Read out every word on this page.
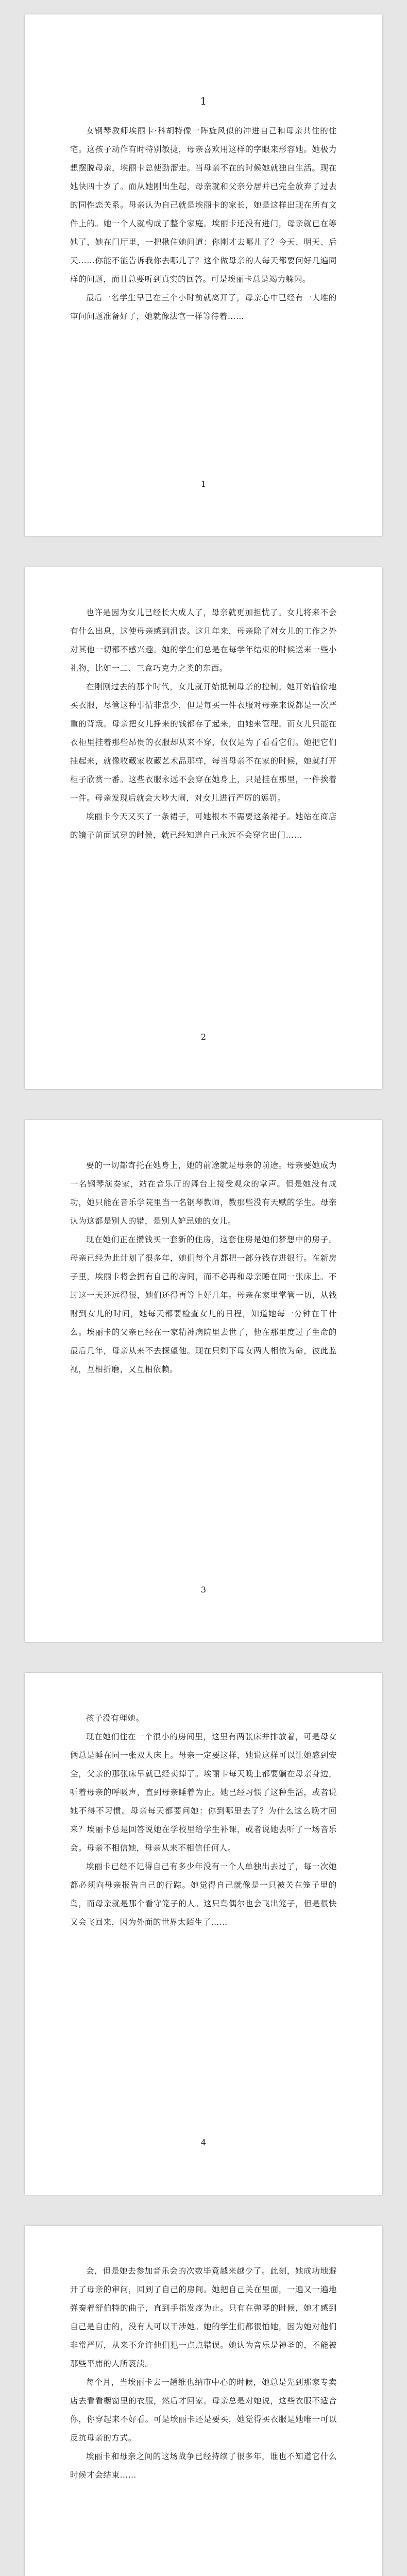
1

女钢琴教师埃丽卡·科胡特像一阵旋风似的冲进自己和母亲共住的住宅。这孩子动作有时特别敏捷，母亲喜欢用这样的字眼来形容她。她极力想摆脱母亲，埃丽卡总使劲溜走。当母亲不在的时候她就独自生活。现在她快四十岁了。而从她刚出生起，母亲就和父亲分居并已完全放弃了过去的同性恋关系。母亲认为自己就是埃丽卡的家长，她是这样出现在所有文件上的。她一个人就构成了整个家庭。埃丽卡还没有进门，母亲就已在等她了，她在门厅里，一把揪住她问道：你刚才去哪儿了？今天、明天、后天……你能不能告诉我你去哪儿了？这个做母亲的人每天都要问好几遍同样的问题，而且总要听到真实的回答。可是埃丽卡总是竭力躲闪。

最后一名学生早已在三个小时前就离开了，母亲心中已经有一大堆的审问问题准备好了，她就像法官一样等待着……

1

也许是因为女儿已经长大成人了，母亲就更加担忧了。女儿将来不会有什么出息，这使母亲感到沮丧。这几年来，母亲除了对女儿的工作之外对其他一切都不感兴趣。她的学生们总是在每学年结束的时候送来一些小礼物，比如一二、三盒巧克力之类的东西。

在刚刚过去的那个时代，女儿就开始抵制母亲的控制。她开始偷偷地买衣服，尽管这种事情非常少，但是每买一件衣服对母亲来说都是一次严重的背叛。母亲把女儿挣来的钱都存了起来，由她来管理。而女儿只能在衣柜里挂着那些昂贵的衣服却从来不穿，仅仅是为了看看它们。她把它们挂起来，就像收藏家收藏艺术品那样，每当母亲不在家的时候，她就打开柜子欣赏一番。这些衣服永远不会穿在她身上，只是挂在那里，一件挨着一件。母亲发现后就会大吵大闹，对女儿进行严厉的惩罚。

埃丽卡今天又买了一条裙子，可她根本不需要这条裙子。她站在商店的镜子前面试穿的时候，就已经知道自己永远不会穿它出门……

2

要的一切都寄托在她身上，她的前途就是母亲的前途。母亲要她成为一名钢琴演奏家，站在音乐厅的舞台上接受观众的掌声。但是她没有成功，她只能在音乐学院里当一名钢琴教师，教那些没有天赋的学生。母亲认为这都是别人的错，是别人妒忌她的女儿。

现在她们正在攒钱买一套新的住房，这套住房是她们梦想中的房子。母亲已经为此计划了很多年，她们每个月都把一部分钱存进银行。在新房子里，埃丽卡将会拥有自己的房间，而不必再和母亲睡在同一张床上。不过这一天还远得很，她们还得再等上好几年。母亲在家里掌管一切，从钱财到女儿的时间，她每天都要检查女儿的日程，知道她每一分钟在干什么。埃丽卡的父亲已经在一家精神病院里去世了，他在那里度过了生命的最后几年，母亲从来不去探望他。现在只剩下母女两人相依为命，彼此监视，互相折磨，又互相依赖。

3

孩子没有理她。

现在她们住在一个很小的房间里，这里有两张床并排放着，可是母女俩总是睡在同一张双人床上。母亲一定要这样，她说这样可以让她感到安全，父亲的那张床早就已经卖掉了。埃丽卡每天晚上都要躺在母亲身边，听着母亲的呼吸声，直到母亲睡着为止。她已经习惯了这种生活，或者说她不得不习惯。母亲每天都要问她：你到哪里去了？为什么这么晚才回来？埃丽卡总是回答说她在学校里给学生补课，或者说她去听了一场音乐会。母亲不相信她，母亲从来不相信任何人。

埃丽卡已经不记得自己有多少年没有一个人单独出去过了，每一次她都必须向母亲报告自己的行踪。她觉得自己就像是一只被关在笼子里的鸟，而母亲就是那个看守笼子的人。这只鸟偶尔也会飞出笼子，但是很快又会飞回来，因为外面的世界太陌生了……

4

会，但是她去参加音乐会的次数毕竟越来越少了。此刻，她成功地避开了母亲的审问，回到了自己的房间。她把自己关在里面，一遍又一遍地弹奏着舒伯特的曲子，直到手指发疼为止。只有在弹琴的时候，她才感到自己是自由的，没有人可以干涉她。她的学生们都很怕她，因为她对他们非常严厉，从来不允许他们犯一点点错误。她认为音乐是神圣的，不能被那些平庸的人所亵渎。

每个月，当埃丽卡去一趟维也纳市中心的时候，她总是先到那家专卖店去看看橱窗里的衣服，然后才回家。母亲总是对她说，这些衣服不适合你，你穿起来不好看。可是埃丽卡还是要买，她觉得买衣服是她唯一可以反抗母亲的方式。

埃丽卡和母亲之间的这场战争已经持续了很多年，谁也不知道它什么时候才会结束……
